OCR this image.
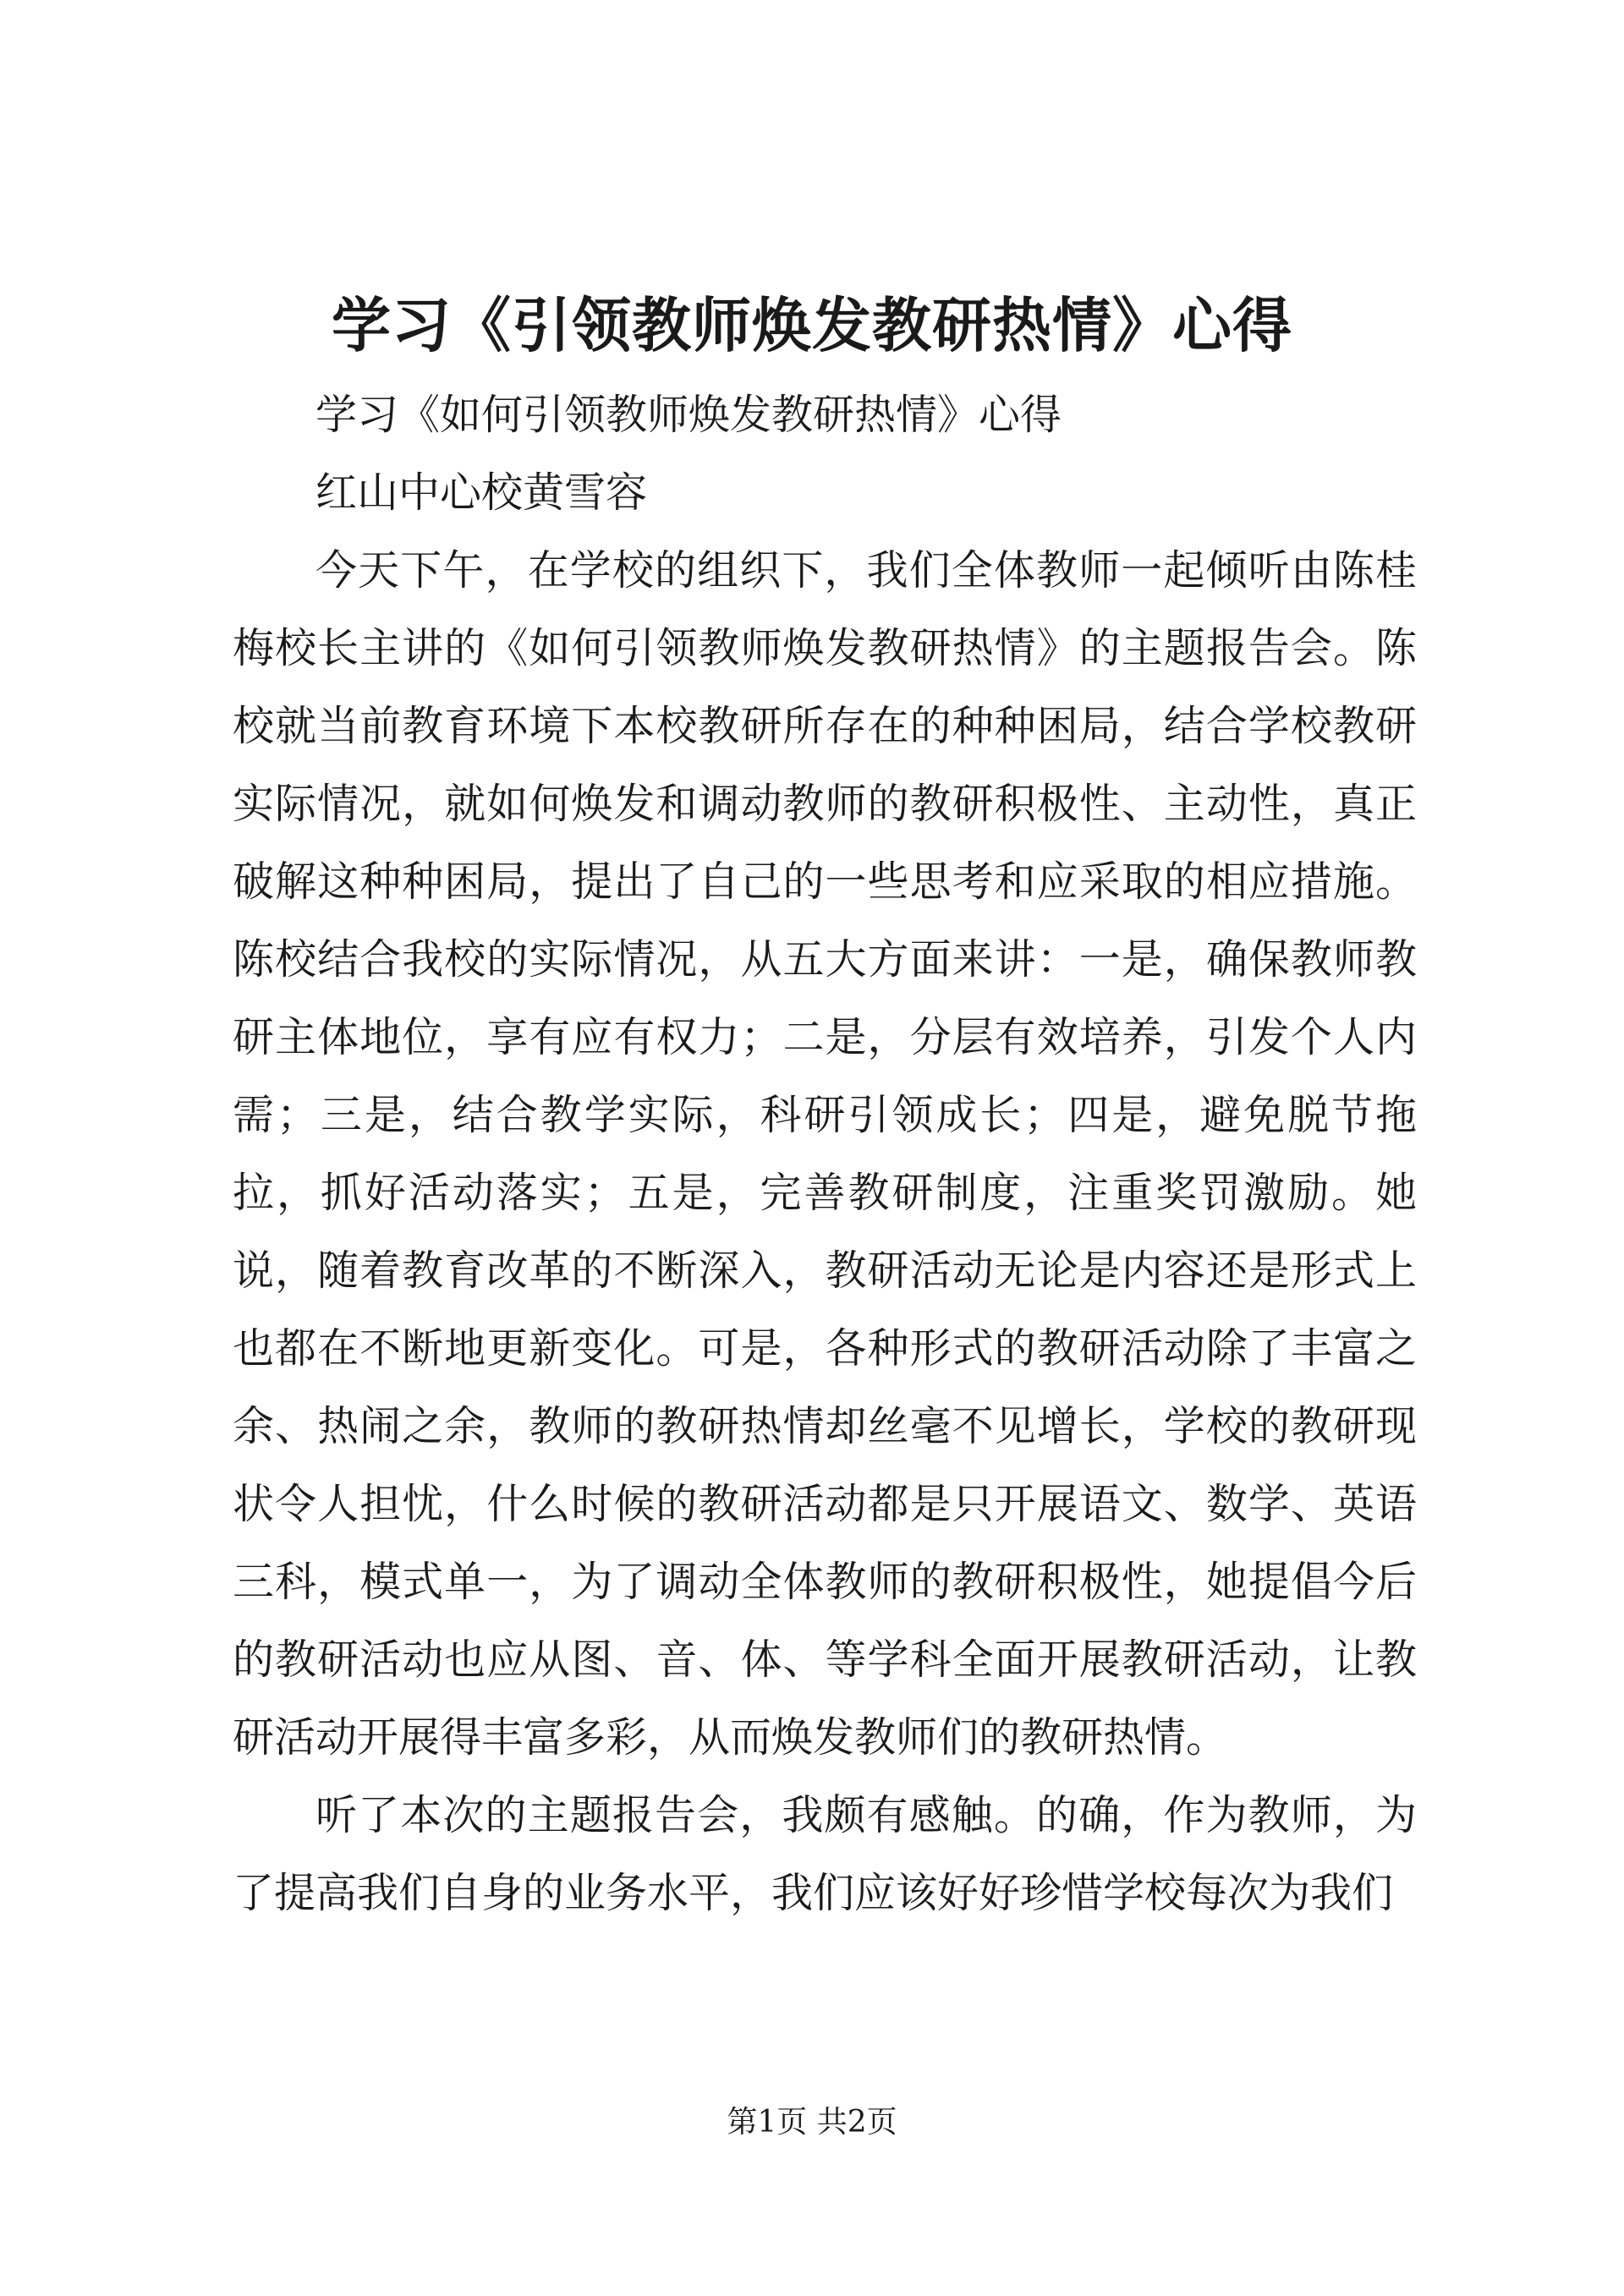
学习《引领教师焕发教研热情》心得

学习《如何引领教师焕发教研热情》心得

红山中心校黄雪容

今天下午，在学校的组织下，我们全体教师一起倾听由陈桂梅校长主讲的《如何引领教师焕发教研热情》的主题报告会。陈校就当前教育环境下本校教研所存在的种种困局，结合学校教研实际情况，就如何焕发和调动教师的教研积极性、主动性，真正破解这种种困局，提出了自己的一些思考和应采取的相应措施。陈校结合我校的实际情况，从五大方面来讲：一是，确保教师教研主体地位，享有应有权力；二是，分层有效培养，引发个人内需；三是，结合教学实际，科研引领成长；四是，避免脱节拖拉，抓好活动落实；五是，完善教研制度，注重奖罚激励。她说，随着教育改革的不断深入，教研活动无论是内容还是形式上也都在不断地更新变化。可是，各种形式的教研活动除了丰富之余、热闹之余，教师的教研热情却丝毫不见增长，学校的教研现状令人担忧，什么时候的教研活动都是只开展语文、数学、英语三科，模式单一，为了调动全体教师的教研积极性，她提倡今后的教研活动也应从图、音、体、等学科全面开展教研活动，让教研活动开展得丰富多彩，从而焕发教师们的教研热情。

听了本次的主题报告会，我颇有感触。的确，作为教师，为了提高我们自身的业务水平，我们应该好好珍惜学校每次为我们

第1页 共2页
